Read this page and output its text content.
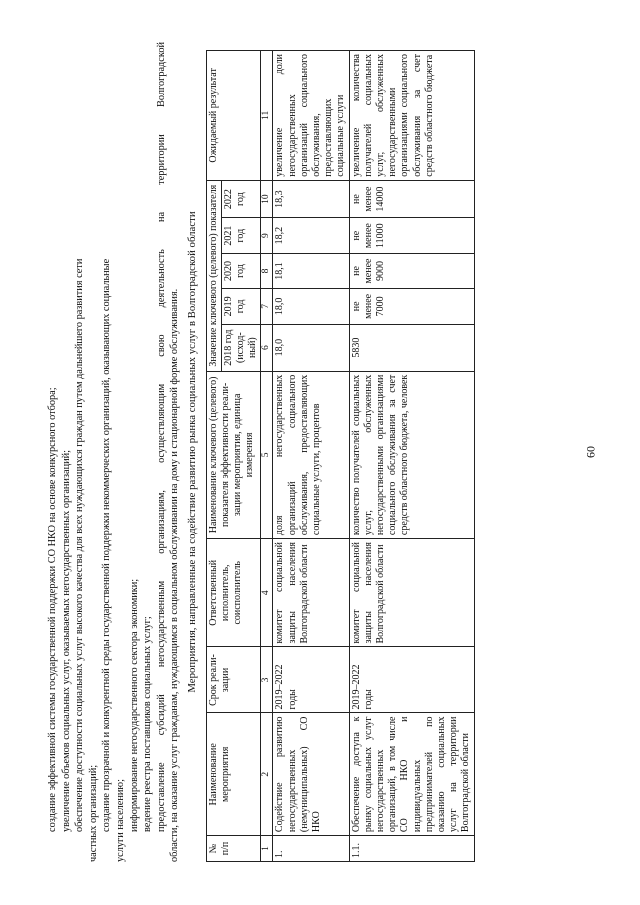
60
создание эффективной системы государственной поддержки СО НКО на основе конкурсного отбора; увеличение объемов социальных услуг, оказываемых негосударственных организаций; обеспечение доступности социальных услуг высокого качества для всех нуждающихся граждан путем дальнейшего развития сети частных организаций; создание прозрачной и конкурентной среды государственной поддержки некоммерческих организаций, оказывающих социальные услуги населению; информирование негосударственного сектора экономики; ведение реестра поставщиков социальных услуг; предоставление субсидий негосударственным организациям, осуществляющим свою деятельность на территории Волгоградской области, на оказание услуг гражданам, нуждающимся в социальном обслуживании на дому и стационарной форме обслуживания. Мероприятия, направленные на содействие развитию рынка социальных услуг в Волгоградской области
№ п/п	Наименование мероприятия	Срок реали-зации	Ответственный исполнитель, соисполнитель	Наименование ключевого (целевого) показателя эффективности реали-зации мероприятия, единица измерения	Значение ключевого (целевого) показателя					Ожидаемый результат
					2018 год (исход-ный)	2019 год	2020 год	2021 год	2022 год	
1	2	3	4	5	6	7	8	9	10	11
1.	Содействие развитию негосударственных (немуниципальных) СО НКО	2019–2022 годы	комитет социальной защиты населения Волгоградской области	доля негосударственных организаций социального обслуживания, предоставляющих социальные услуги, процентов	18,0	18,0	18,1	18,2	18,3	увеличение доли негосударственных организаций социального обслуживания, предоставляющих социальные услуги
1.1.	Обеспечение доступа к рынку социальных услуг негосударственных организаций, в том числе СО НКО и индивидуальных предпринимателей по оказанию социальных услуг на территории Волгоградской области	2019–2022 годы	комитет социальной защиты населения Волгоградской области	количество получателей социальных услуг, обслуженных негосударственными организациями социального обслуживания за счет средств областного бюджета, человек	5830	не менее 7000	не менее 9000	не менее 11000	не менее 14000	увеличение количества получателей социальных услуг, обслуженных негосударственными организациями социального обслуживания за счет средств областного бюджета
